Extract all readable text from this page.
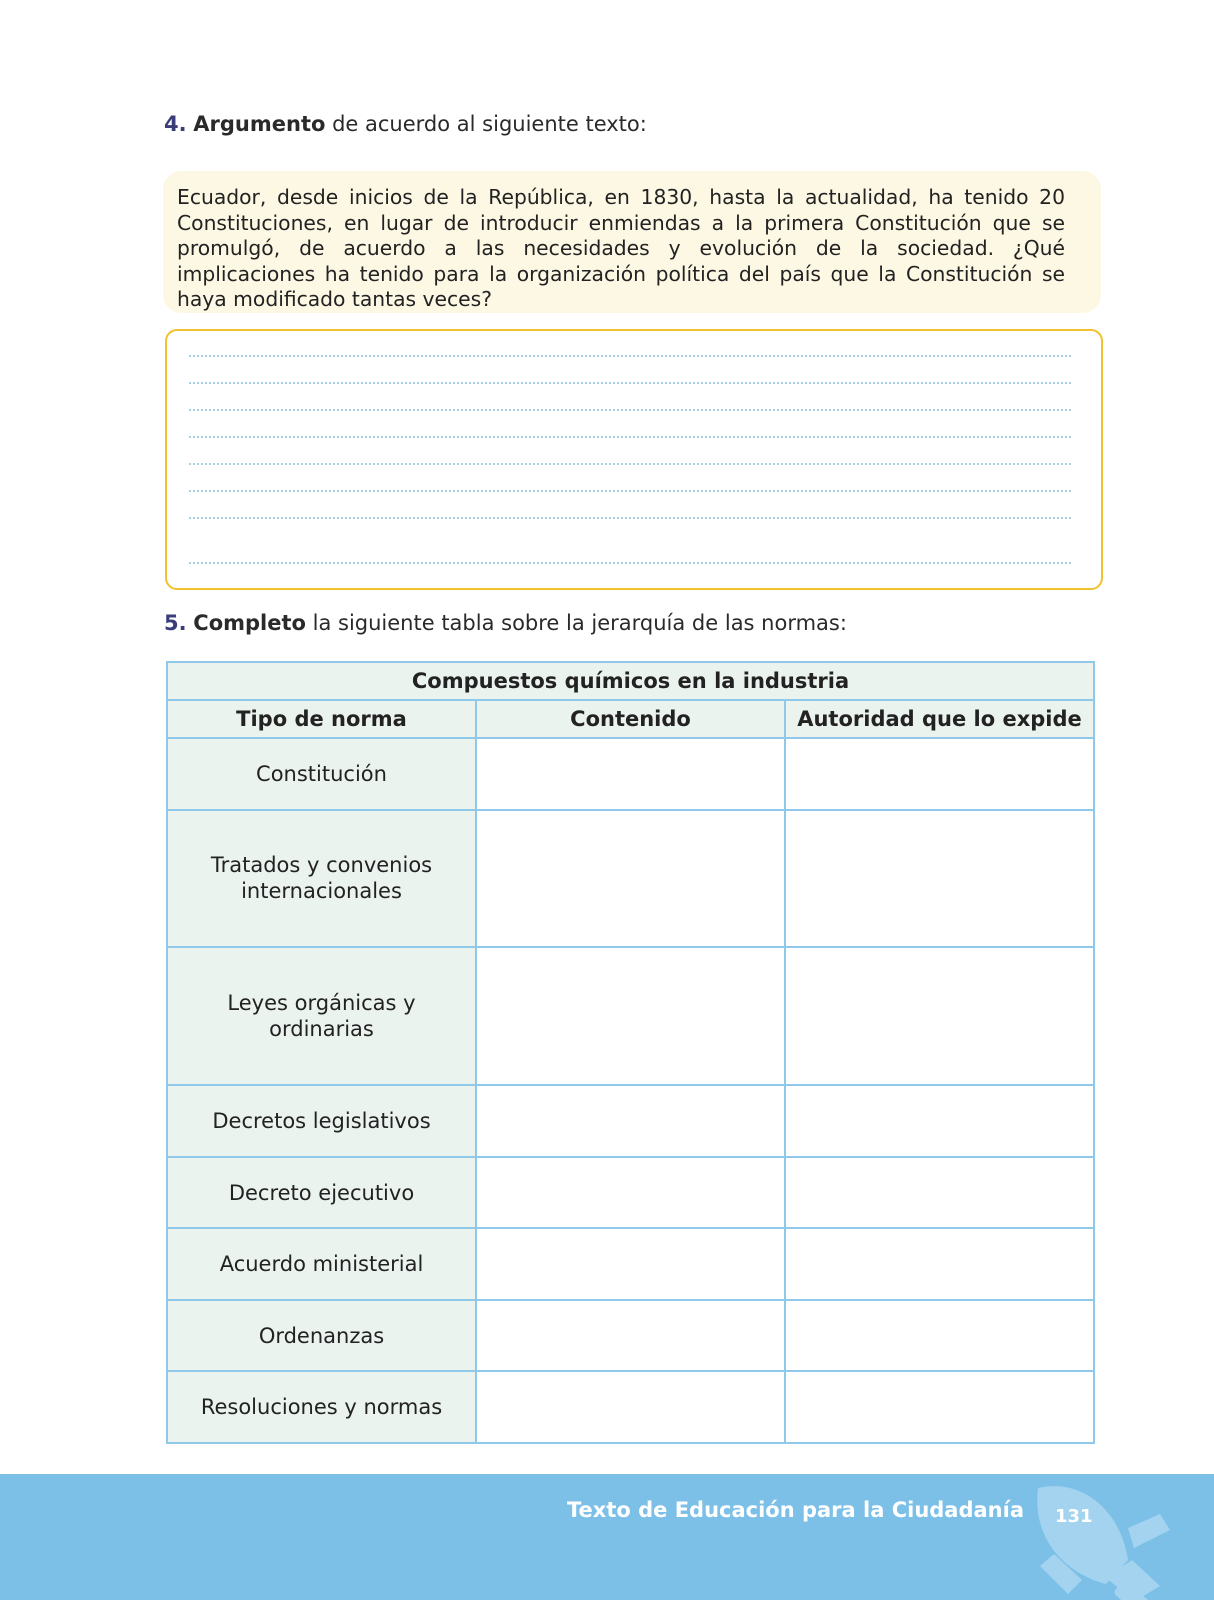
4. Argumento de acuerdo al siguiente texto:

Ecuador, desde inicios de la República, en 1830, hasta la actualidad, ha tenido 20 Constituciones, en lugar de introducir enmiendas a la primera Constitución que se promulgó, de acuerdo a las necesidades y evolución de la sociedad. ¿Qué implicaciones ha tenido para la organización política del país que la Constitución se haya modificado tantas veces?

5. Completo la siguiente tabla sobre la jerarquía de las normas:
Compuestos químicos en la industria		
Tipo de norma	Contenido	Autoridad que lo expide
Constitución		
Tratados y convenios internacionales		
Leyes orgánicas y ordinarias		
Decretos legislativos		
Decreto ejecutivo		
Acuerdo ministerial		
Ordenanzas		
Resoluciones y normas		
Texto de Educación para la Ciudadanía 131
